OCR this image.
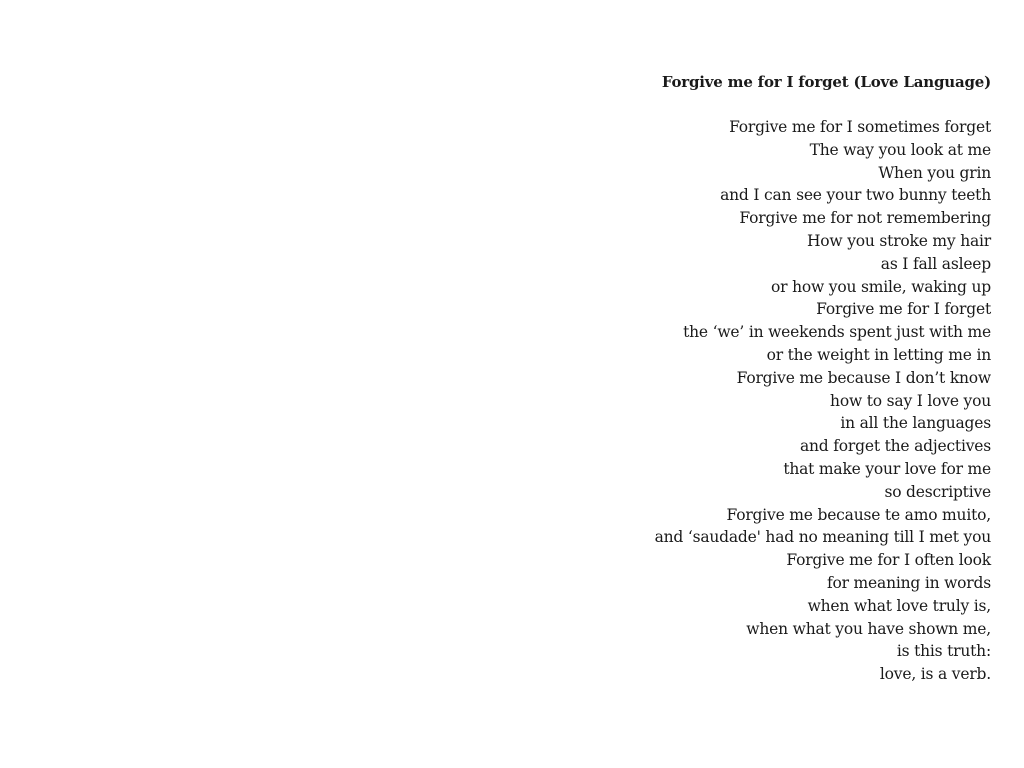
Forgive me for I forget (Love Language)
Forgive me for I sometimes forget
The way you look at me
When you grin
and I can see your two bunny teeth
Forgive me for not remembering
How you stroke my hair
as I fall asleep
or how you smile, waking up
Forgive me for I forget
the ‘we’ in weekends spent just with me
or the weight in letting me in
Forgive me because I don’t know
how to say I love you
in all the languages
and forget the adjectives
that make your love for me
so descriptive
Forgive me because te amo muito,
and ‘saudade' had no meaning till I met you
Forgive me for I often look
for meaning in words
when what love truly is,
when what you have shown me,
is this truth:
love, is a verb.
